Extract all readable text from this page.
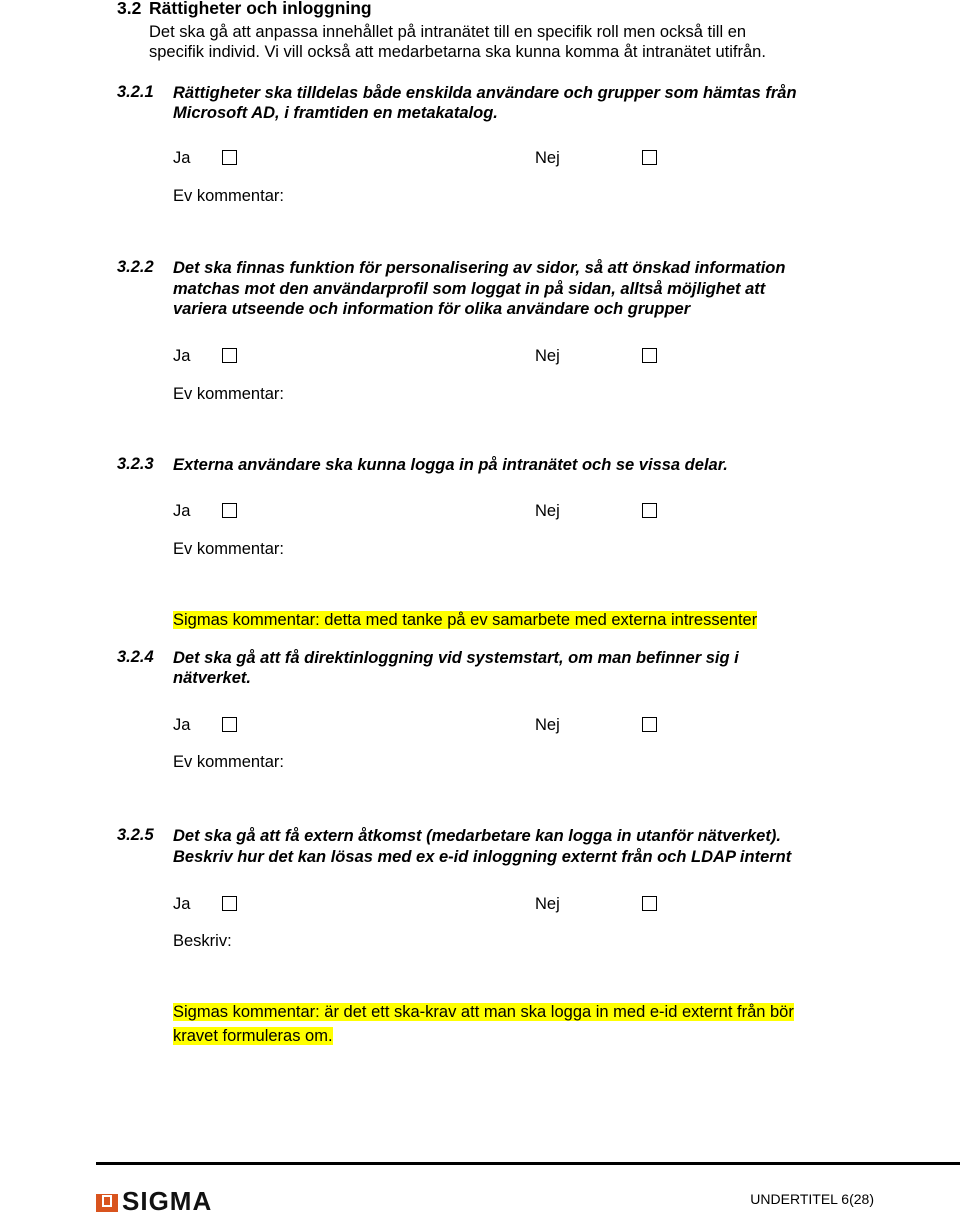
3.2 Rättigheter och inloggning
Det ska gå att anpassa innehållet på intranätet till en specifik roll men också till en
specifik individ. Vi vill också att medarbetarna ska kunna komma åt intranätet utifrån.
3.2.1 Rättigheter ska tilldelas både enskilda användare och grupper som hämtas från
Microsoft AD, i framtiden en metakatalog.
Ja	Nej
Ev kommentar:
3.2.2 Det ska finnas funktion för personalisering av sidor, så att önskad information
matchas mot den användarprofil som loggat in på sidan, alltså möjlighet att
variera utseende och information för olika användare och grupper
Ja	Nej
Ev kommentar:
3.2.3 Externa användare ska kunna logga in på intranätet och se vissa delar.
Ja	Nej
Ev kommentar:
Sigmas kommentar: detta med tanke på ev samarbete med externa intressenter
3.2.4 Det ska gå att få direktinloggning vid systemstart, om man befinner sig i
nätverket.
Ja	Nej
Ev kommentar:
3.2.5 Det ska gå att få extern åtkomst (medarbetare kan logga in utanför nätverket).
Beskriv hur det kan lösas med ex e-id inloggning externt från och LDAP internt
Ja	Nej
Beskriv:
Sigmas kommentar: är det ett ska-krav att man ska logga in med e-id externt från bör
kravet formuleras om.
SIGMA	UNDERTITEL 6(28)
